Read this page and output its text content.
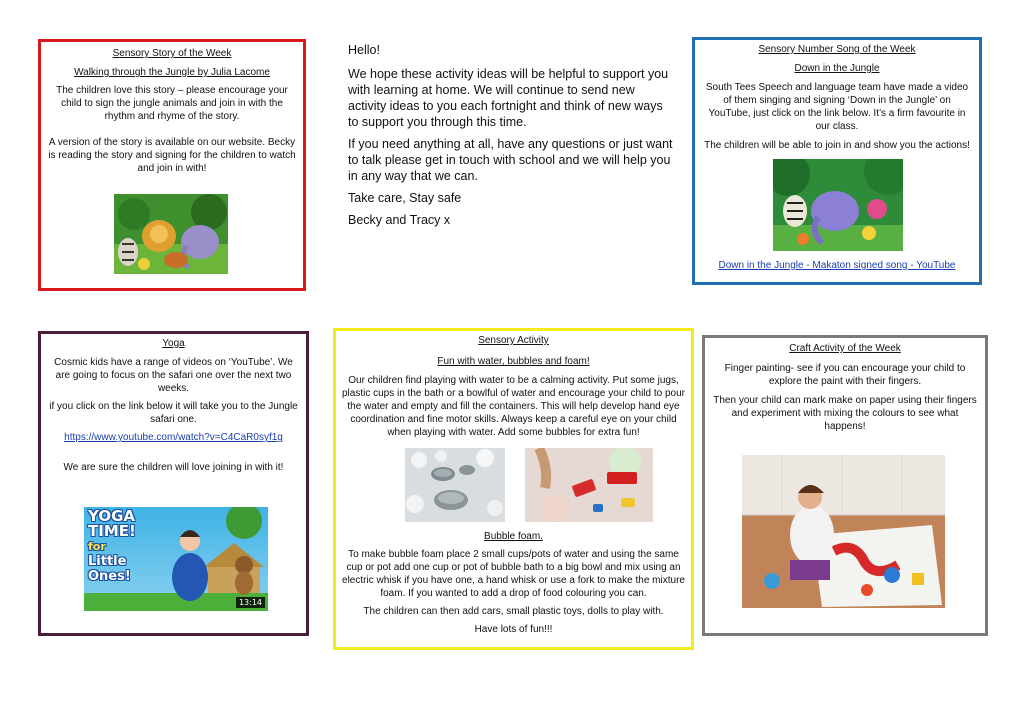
Sensory Story of the Week

Walking through the Jungle by Julia Lacome

The children love this story – please encourage your child to sign the jungle animals and join in with the rhythm and rhyme of the story.

A version of the story is available on our website. Becky is reading the story and signing for the children to watch and join in with!

Hello!

We hope these activity ideas will be helpful to support you with learning at home. We will continue to send new activity ideas to you each fortnight and think of new ways to support you through this time.

If you need anything at all, have any questions or just want to talk please get in touch with school and we will help you in any way that we can.

Take care, Stay safe

Becky and Tracy x

Sensory Number Song of the Week

Down in the Jungle

South Tees Speech and language team have made a video of them singing and signing ‘Down in the Jungle’ on YouTube, just click on the link below. It’s a firm favourite in our class.

The children will be able to join in and show you the actions!

Down in the Jungle - Makaton signed song - YouTube

Yoga

Cosmic kids have a range of videos on ‘YouTube’. We are going to focus on the safari one over the next two weeks.

if you click on the link below it will take you to the Jungle safari one.

https://www.youtube.com/watch?v=C4CaR0syf1g

We are sure the children will love joining in with it!

YOGA
TIME!
for
Little
Ones!
13:14

Sensory Activity

Fun with water, bubbles and foam!

Our children find playing with water to be a calming activity. Put some jugs, plastic cups in the bath or a bowlful of water and encourage your child to pour the water and empty and fill the containers. This will help develop hand eye coordination and fine motor skills. Always keep a careful eye on your child when playing with water. Add some bubbles for extra fun!

Bubble foam.

To make bubble foam place 2 small cups/pots of water and using the same cup or pot add one cup or pot of bubble bath to a big bowl and mix using an electric whisk if you have one, a hand whisk or use a fork to make the mixture foam. If you wanted to add a drop of food colouring you can.

The children can then add cars, small plastic toys, dolls to play with.

Have lots of fun!!!

Craft Activity of the Week

Finger painting- see if you can encourage your child to explore the paint with their fingers.

Then your child can mark make on paper using their fingers and experiment with mixing the colours to see what happens!
